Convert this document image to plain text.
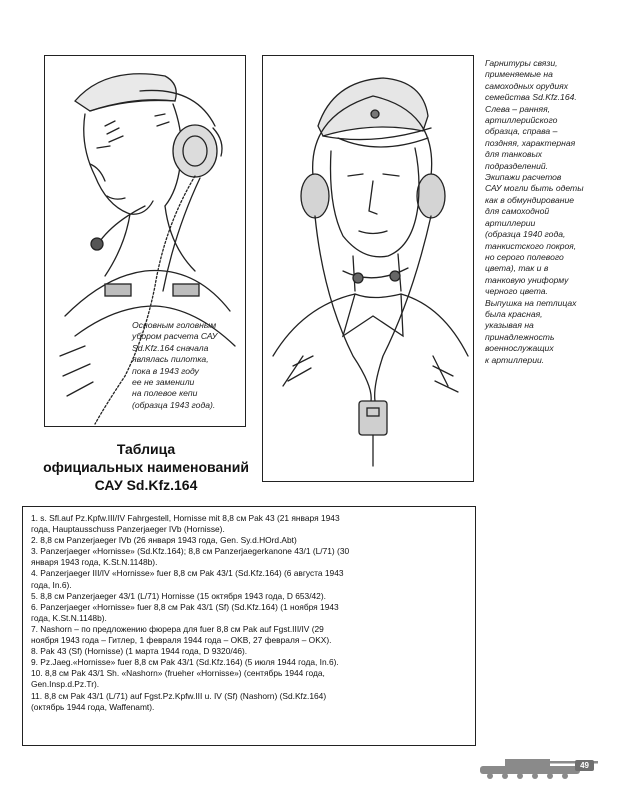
Основным головным
убором расчета САУ
Sd.Kfz.164 сначала
являлась пилотка,
пока в 1943 году
ее не заменили
на полевое кепи
(образца 1943 года).
Гарнитуры связи,
применяемые на
самоходных орудиях
семейства Sd.Kfz.164.
Слева – ранняя,
артиллерийского
образца, справа –
поздняя, характерная
для танковых
подразделений.
Экипажи расчетов
САУ могли быть одеты
как в обмундирование
для самоходной
артиллерии
(образца 1940 года,
танкистского покроя,
но серого полевого
цвета), так и в
танковую униформу
черного цвета.
Выпушка на петлицах
была красная,
указывая на
принадлежность
военнослужащих
к артиллерии.
Таблица
официальных наименований
САУ Sd.Kfz.164

1. s. Sfl.auf Pz.Kpfw.III/IV Fahrgestell, Hornisse mit 8,8 см Pak 43 (21 января 1943
года, Hauptausschuss Panzerjaeger IVb (Hornisse).

2. 8,8 см Panzerjaeger IVb (26 января 1943 года, Gen. Sy.d.HOrd.Abt)

3. Panzerjaeger «Hornisse» (Sd.Kfz.164); 8,8 см Panzerjaegerkanone 43/1 (L/71) (30
января 1943 года, K.St.N.1148b).

4. Panzerjaeger III/IV «Hornisse» fuer 8,8 см Pak 43/1 (Sd.Kfz.164) (6 августа 1943
года, In.6).

5. 8,8 см Panzerjaeger 43/1 (L/71) Hornisse (15 октября 1943 года, D 653/42).

6. Panzerjaeger «Hornisse» fuer 8,8 см Pak 43/1 (Sf) (Sd.Kfz.164) (1 ноября 1943
года, K.St.N.1148b).

7. Nashorn – по предложению фюрера для fuer 8,8 см Pak auf Fgst.III/IV (29
ноября 1943 года – Гитлер, 1 февраля 1944 года – OKB, 27 февраля – OKX).

8. Pak 43 (Sf) (Hornisse) (1 марта 1944 года, D 9320/46).

9. Pz.Jaeg.«Hornisse» fuer 8,8 см Pak 43/1 (Sd.Kfz.164) (5 июля 1944 года, In.6).

10. 8,8 см Pak 43/1 Sh. «Nashorn» (frueher «Hornisse») (сентябрь 1944 года,
Gen.Insp.d.Pz.Tr).

11. 8,8 см Pak 43/1 (L/71) auf Fgst.Pz.Kpfw.III u. IV (Sf) (Nashorn) (Sd.Kfz.164)
(октябрь 1944 года, Waffenamt).

49
